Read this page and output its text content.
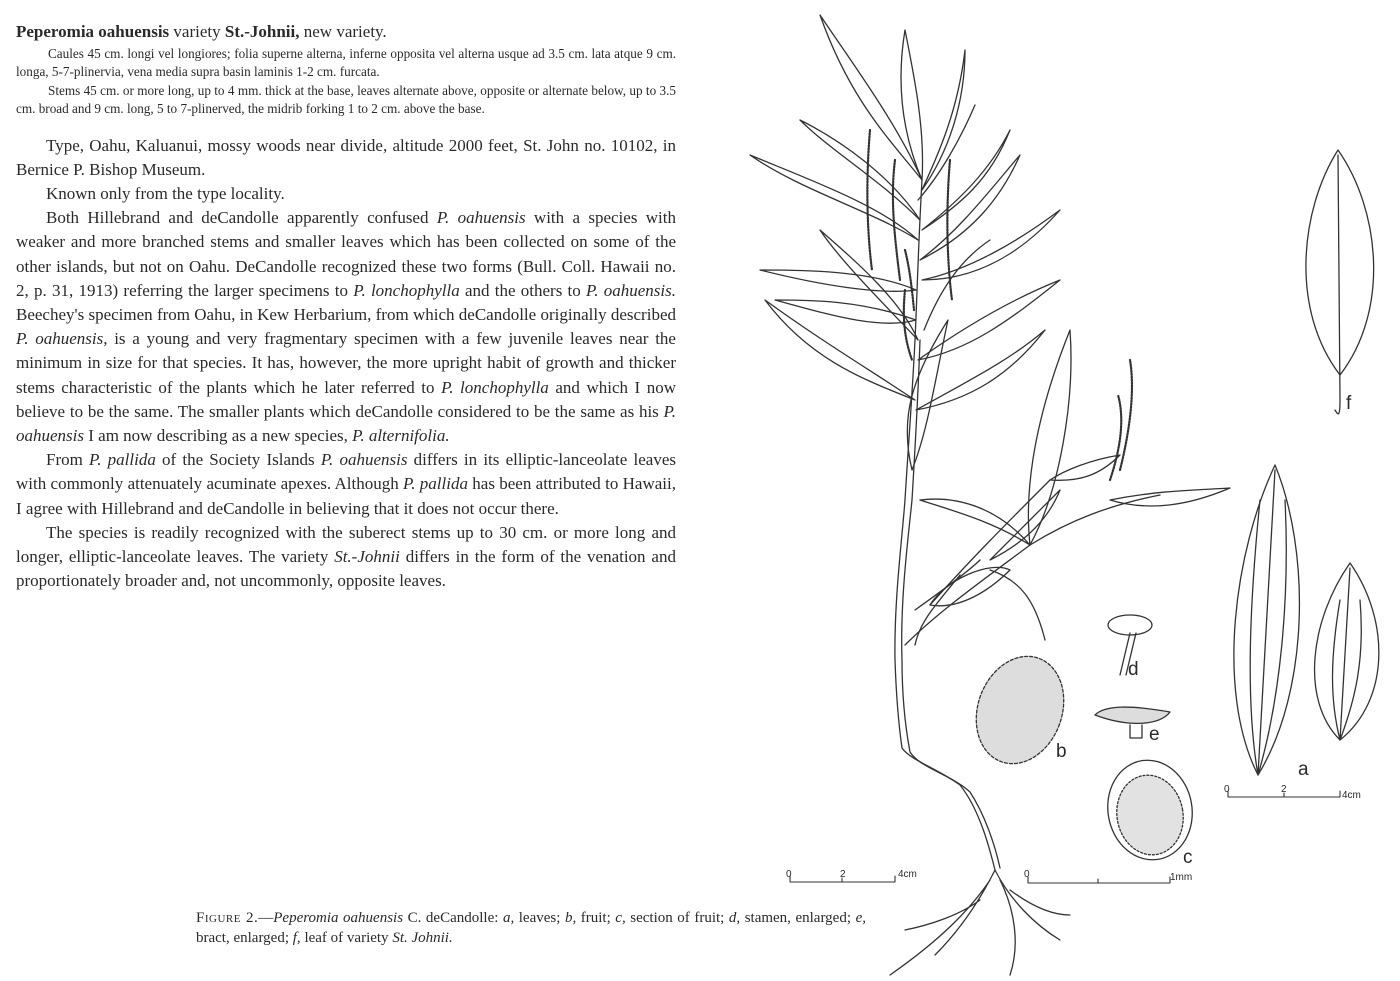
Peperomia oahuensis variety St.-Johnii, new variety.

Caules 45 cm. longi vel longiores; folia superne alterna, inferne opposita vel alterna usque ad 3.5 cm. lata atque 9 cm. longa, 5-7-plinervia, vena media supra basin laminis 1-2 cm. furcata.

Stems 45 cm. or more long, up to 4 mm. thick at the base, leaves alternate above, opposite or alternate below, up to 3.5 cm. broad and 9 cm. long, 5 to 7-plinerved, the midrib forking 1 to 2 cm. above the base.

Type, Oahu, Kaluanui, mossy woods near divide, altitude 2000 feet, St. John no. 10102, in Bernice P. Bishop Museum.

Known only from the type locality.

Both Hillebrand and deCandolle apparently confused P. oahuensis with a species with weaker and more branched stems and smaller leaves which has been collected on some of the other islands, but not on Oahu. DeCandolle recognized these two forms (Bull. Coll. Hawaii no. 2, p. 31, 1913) referring the larger specimens to P. lonchophylla and the others to P. oahuensis. Beechey's specimen from Oahu, in Kew Herbarium, from which deCandolle originally described P. oahuensis, is a young and very fragmentary specimen with a few juvenile leaves near the minimum in size for that species. It has, however, the more upright habit of growth and thicker stems characteristic of the plants which he later referred to P. lonchophylla and which I now believe to be the same. The smaller plants which deCandolle considered to be the same as his P. oahuensis I am now describing as a new species, P. alternifolia.

From P. pallida of the Society Islands P. oahuensis differs in its elliptic-lanceolate leaves with commonly attenuately acuminate apexes. Although P. pallida has been attributed to Hawaii, I agree with Hillebrand and deCandolle in believing that it does not occur there.

The species is readily recognized with the suberect stems up to 30 cm. or more long and longer, elliptic-lanceolate leaves. The variety St.-Johnii differs in the form of the venation and proportionately broader and, not uncommonly, opposite leaves.

0	2	4cm
0	2
4cm
0	1mm
a
b
c
d
e
f
Figure 2.—Peperomia oahuensis C. deCandolle: a, leaves; b, fruit; c, section of fruit; d, stamen, enlarged; e, bract, enlarged; f, leaf of variety St. Johnii.
